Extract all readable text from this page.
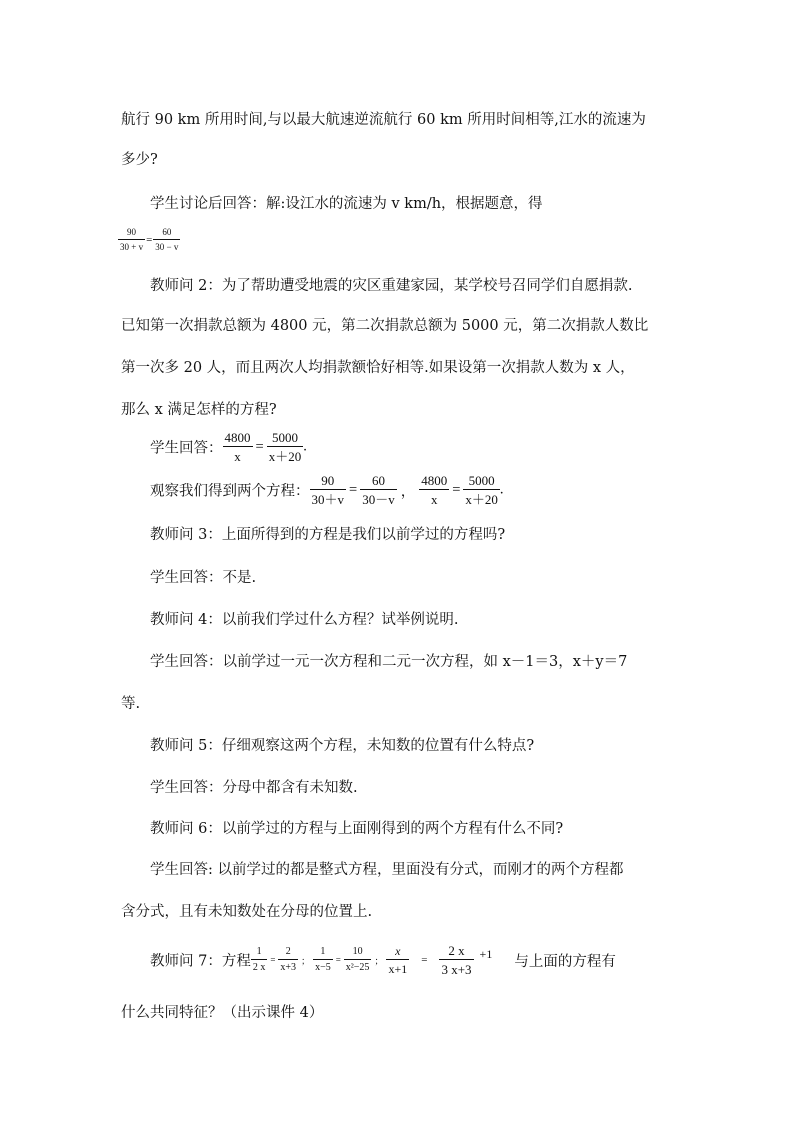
航行 90 km 所用时间,与以最大航速逆流航行 60 km 所用时间相等,江水的流速为
多少?
学生讨论后回答：解:设江水的流速为 v km/h，根据题意，得
$\frac{90}{30 + v} = \frac{60}{30 - v}$
教师问 2：为了帮助遭受地震的灾区重建家园，某学校号召同学们自愿捐款.
已知第一次捐款总额为 4800 元，第二次捐款总额为 5000 元，第二次捐款人数比
第一次多 20 人，而且两次人均捐款额恰好相等.如果设第一次捐款人数为 x 人，
那么 x 满足怎样的方程?
学生回答： $\frac{4800}{x} = \frac{5000}{x+20}$ .
观察我们得到两个方程： $\frac{90}{30+v} = \frac{60}{30-v}$ ， $\frac{4800}{x} = \frac{5000}{x+20}$ .
教师问 3：上面所得到的方程是我们以前学过的方程吗?
学生回答：不是.
教师问 4：以前我们学过什么方程？试举例说明.
学生回答：以前学过一元一次方程和二元一次方程，如 x－1＝3，x＋y＝7
等.
教师问 5：仔细观察这两个方程，未知数的位置有什么特点?
学生回答：分母中都含有未知数.
教师问 6：以前学过的方程与上面刚得到的两个方程有什么不同?
学生回答: 以前学过的都是整式方程，里面没有分式，而刚才的两个方程都
含分式，且有未知数处在分母的位置上.
教师问 7：方程 $\frac{1}{2 x} = \frac{2}{x+3}$ ； $\frac{1}{x-5} = \frac{10}{\text{x²−25}}$ ； $\frac{x}{x+1} = \frac{2 x}{3 x+3} ^{+1}$ 与上面的方程有
什么共同特征？（出示课件 4）
